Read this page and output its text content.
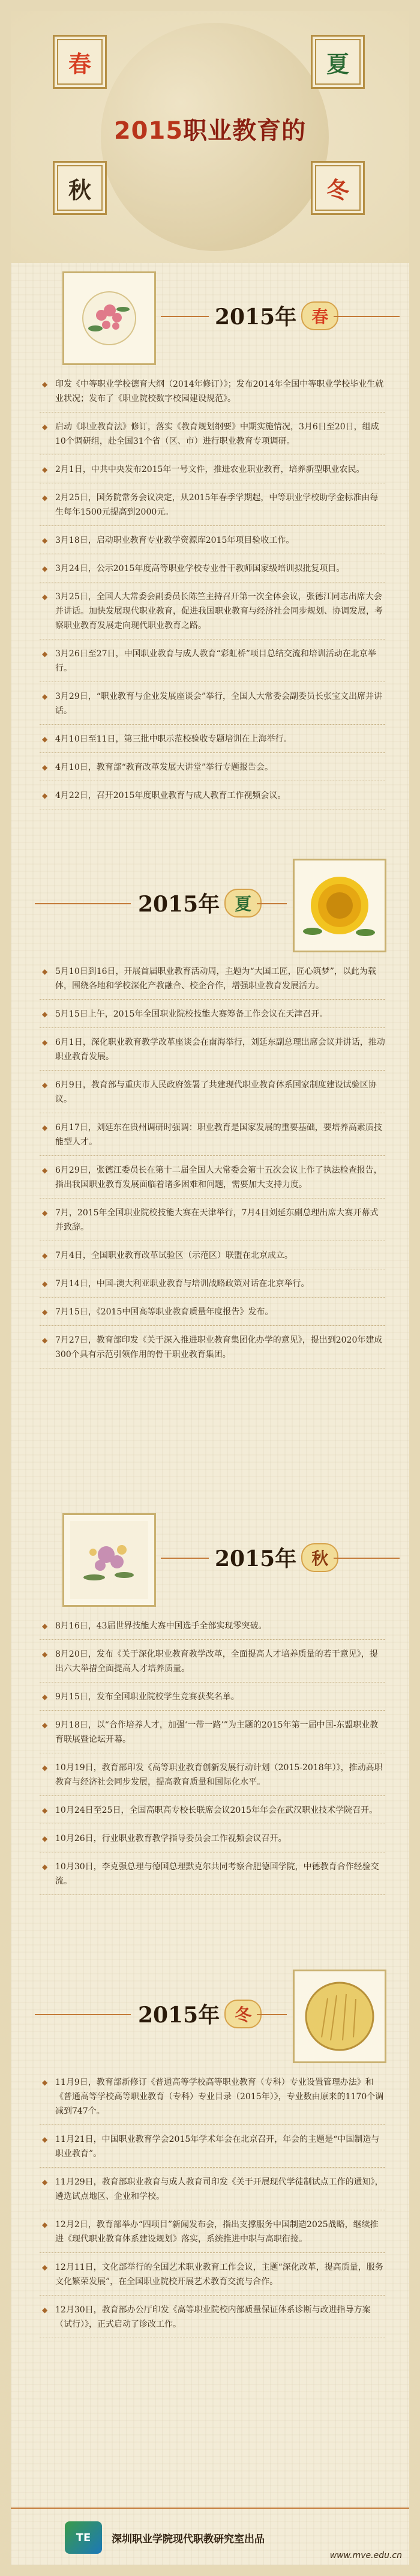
春	夏
秋	冬
2015职业教育的
2015年 春
◆ 印发《中等职业学校德育大纲（2014年修订）》；发布2014年全国中等职业学校毕业生就业状况；发布了《职业院校数字校园建设规范》。
◆ 启动《职业教育法》修订，落实《教育规划纲要》中期实施情况，3月6日至20日，组成10个调研组，赴全国31个省（区、市）进行职业教育专项调研。
◆ 2月1日，中共中央发布2015年一号文件，推进农业职业教育，培养新型职业农民。
◆ 2月25日，国务院常务会议决定，从2015年春季学期起，中等职业学校助学金标准由每生每年1500元提高到2000元。
◆ 3月18日，启动职业教育专业教学资源库2015年项目验收工作。
◆ 3月24日，公示2015年度高等职业学校专业骨干教师国家级培训拟批复项目。
◆ 3月25日，全国人大常委会副委员长陈竺主持召开第一次全体会议，张德江同志出席大会并讲话。加快发展现代职业教育，促进我国职业教育与经济社会同步规划、协调发展，考察职业教育发展走向现代职业教育之路。
◆ 3月26日至27日，中国职业教育与成人教育“彩虹桥”项目总结交流和培训活动在北京举行。
◆ 3月29日，“职业教育与企业发展座谈会”举行，全国人大常委会副委员长张宝文出席并讲话。
◆ 4月10日至11日，第三批中职示范校验收专题培训在上海举行。
◆ 4月10日，教育部“教育改革发展大讲堂”举行专题报告会。
◆ 4月22日，召开2015年度职业教育与成人教育工作视频会议。
2015年 夏
◆ 5月10日到16日，开展首届职业教育活动周，主题为“大国工匠，匠心筑梦”，以此为载体，围绕各地和学校深化产教融合、校企合作，增强职业教育发展活力。
◆ 5月15日上午，2015年全国职业院校技能大赛筹备工作会议在天津召开。
◆ 6月1日，深化职业教育教学改革座谈会在南海举行，刘延东副总理出席会议并讲话，推动职业教育发展。
◆ 6月9日，教育部与重庆市人民政府签署了共建现代职业教育体系国家制度建设试验区协议。
◆ 6月17日，刘延东在贵州调研时强调：职业教育是国家发展的重要基础，要培养高素质技能型人才。
◆ 6月29日，张德江委员长在第十二届全国人大常委会第十五次会议上作了执法检查报告，指出我国职业教育发展面临着诸多困难和问题，需要加大支持力度。
◆ 7月，2015年全国职业院校技能大赛在天津举行，7月4日刘延东副总理出席大赛开幕式并致辞。
◆ 7月4日，全国职业教育改革试验区（示范区）联盟在北京成立。
◆ 7月14日，中国-澳大利亚职业教育与培训战略政策对话在北京举行。
◆ 7月15日，《2015中国高等职业教育质量年度报告》发布。
◆ 7月27日，教育部印发《关于深入推进职业教育集团化办学的意见》，提出到2020年建成300个具有示范引领作用的骨干职业教育集团。
2015年 秋
◆ 8月16日，43届世界技能大赛中国选手全部实现零突破。
◆ 8月20日，发布《关于深化职业教育教学改革，全面提高人才培养质量的若干意见》，提出六大举措全面提高人才培养质量。
◆ 9月15日，发布全国职业院校学生竞赛获奖名单。
◆ 9月18日，以“合作培养人才，加强‘一带一路’”为主题的2015年第一届中国-东盟职业教育联展暨论坛开幕。
◆ 10月19日，教育部印发《高等职业教育创新发展行动计划（2015-2018年）》，推动高职教育与经济社会同步发展，提高教育质量和国际化水平。
◆ 10月24日至25日，全国高职高专校长联席会议2015年年会在武汉职业技术学院召开。
◆ 10月26日，行业职业教育教学指导委员会工作视频会议召开。
◆ 10月30日，李克强总理与德国总理默克尔共同考察合肥德国学院，中德教育合作经验交流。
2015年 冬
◆ 11月9日，教育部新修订《普通高等学校高等职业教育（专科）专业设置管理办法》和《普通高等学校高等职业教育（专科）专业目录（2015年）》，专业数由原来的1170个调减到747个。
◆ 11月21日，中国职业教育学会2015年学术年会在北京召开，年会的主题是“中国制造与职业教育”。
◆ 11月29日，教育部职业教育与成人教育司印发《关于开展现代学徒制试点工作的通知》，遴选试点地区、企业和学校。
◆ 12月2日，教育部举办“四项目”新闻发布会，指出支撑服务中国制造2025战略，继续推进《现代职业教育体系建设规划》落实，系统推进中职与高职衔接。
◆ 12月11日，文化部举行的全国艺术职业教育工作会议，主题“深化改革，提高质量，服务文化繁荣发展”，在全国职业院校开展艺术教育交流与合作。
◆ 12月30日，教育部办公厅印发《高等职业院校内部质量保证体系诊断与改进指导方案（试行）》，正式启动了诊改工作。
TE	深圳职业学院现代职教研究室出品
www.mve.edu.cn
